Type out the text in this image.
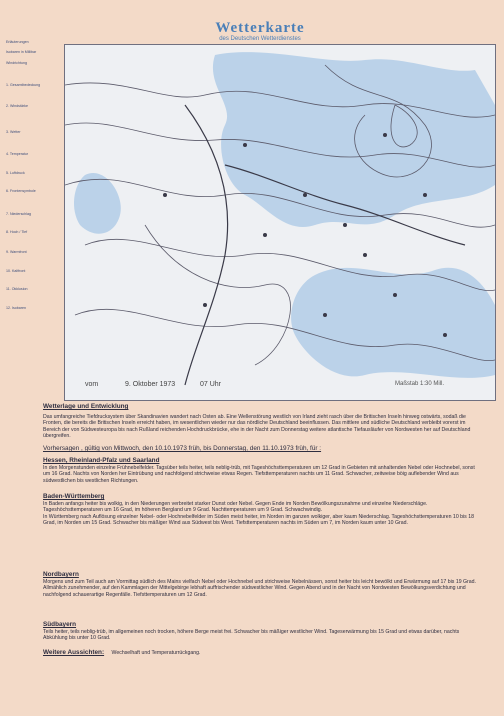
Wetterkarte
des Deutschen Wetterdienstes
Erläuterungen
Isobaren in Millibar
Windrichtung
1. Gesamtbedeckung
2. Windstärke
3. Wetter
4. Temperatur
5. Luftdruck
6. Frontensymbole
7. Niederschlag
8. Hoch / Tief
9. Warmfront
10. Kaltfront
11. Okklusion
12. Isobaren
vom	9. Oktober 1973	07 Uhr	Maßstab 1:30 Mill.
Wetterlage und Entwicklung

Das umfangreiche Tiefdrucksystem über Skandinavien wandert nach Osten ab. Eine Wellenstörung westlich von Irland zieht rasch über die Britischen Inseln hinweg ostwärts, sodaß die Fronten, die bereits die Britischen Inseln erreicht haben, im wesentlichen wieder nur das nördliche Deutschland beeinflussen. Das mittlere und südliche Deutschland verbleibt vorerst im Bereich der von Südwesteuropa bis nach Rußland reichenden Hochdruckbrücke, ehe in der Nacht zum Donnerstag weitere atlantische Tiefausläufer von Nordwesten her auf Deutschland übergreifen.

Vorhersagen , gültig von Mittwoch, den 10.10.1973 früh, bis Donnerstag, den 11.10.1973 früh, für :
Hessen, Rheinland-Pfalz und Saarland

In den Morgenstunden einzelne Frühnebelfelder. Tagsüber teils heiter, teils neblig-trüb, mit Tageshöchsttemperaturen um 12 Grad in Gebieten mit anhaltenden Nebel oder Hochnebel, sonst um 16 Grad. Nachts von Norden her Eintrübung und nachfolgend strichweise etwas Regen. Tiefsttemperaturen nachts um 11 Grad. Schwacher, zeitweise böig auflebender Wind aus südwestlichen bis westlichen Richtungen.

Baden-Württemberg

In Baden anfangs heiter bis wolkig, in den Niederungen verbreitet starker Dunst oder Nebel. Gegen Ende im Norden Bewölkungszunahme und einzelne Niederschläge. Tageshöchsttemperaturen um 16 Grad, im höheren Bergland um 9 Grad. Nachttemperaturen um 9 Grad. Schwachwindig.
In Württemberg nach Auflösung einzelner Nebel- oder Hochnebelfelder im Süden meist heiter, im Norden im ganzen wolkiger, aber kaum Niederschlag. Tageshöchsttemperaturen 10 bis 18 Grad, im Norden um 15 Grad. Schwacher bis mäßiger Wind aus Südwest bis West. Tiefsttemperaturen nachts im Süden um 7, im Norden kaum unter 10 Grad.

Nordbayern

Morgens und zum Teil auch am Vormittag südlich des Mains vielfach Nebel oder Hochnebel und strichweise Nebelnässen, sonst heiter bis leicht bewölkt und Erwärmung auf 17 bis 19 Grad. Allmählich zunehmender, auf den Kammlagen der Mittelgebirge lebhaft auffrischender südwestlicher Wind. Gegen Abend und in der Nacht von Nordwesten Bewölkungsverdichtung und nachfolgend schauerartige Regenfälle. Tiefsttemperaturen um 12 Grad.

Südbayern

Teils heiter, teils neblig-trüb, im allgemeinen noch trocken, höhere Berge meist frei. Schwacher bis mäßiger westlicher Wind. Tageserwärmung bis 15 Grad und etwas darüber, nachts Abkühlung bis unter 10 Grad.

Weitere Aussichten: Wechselhaft und Temperaturrückgang.
